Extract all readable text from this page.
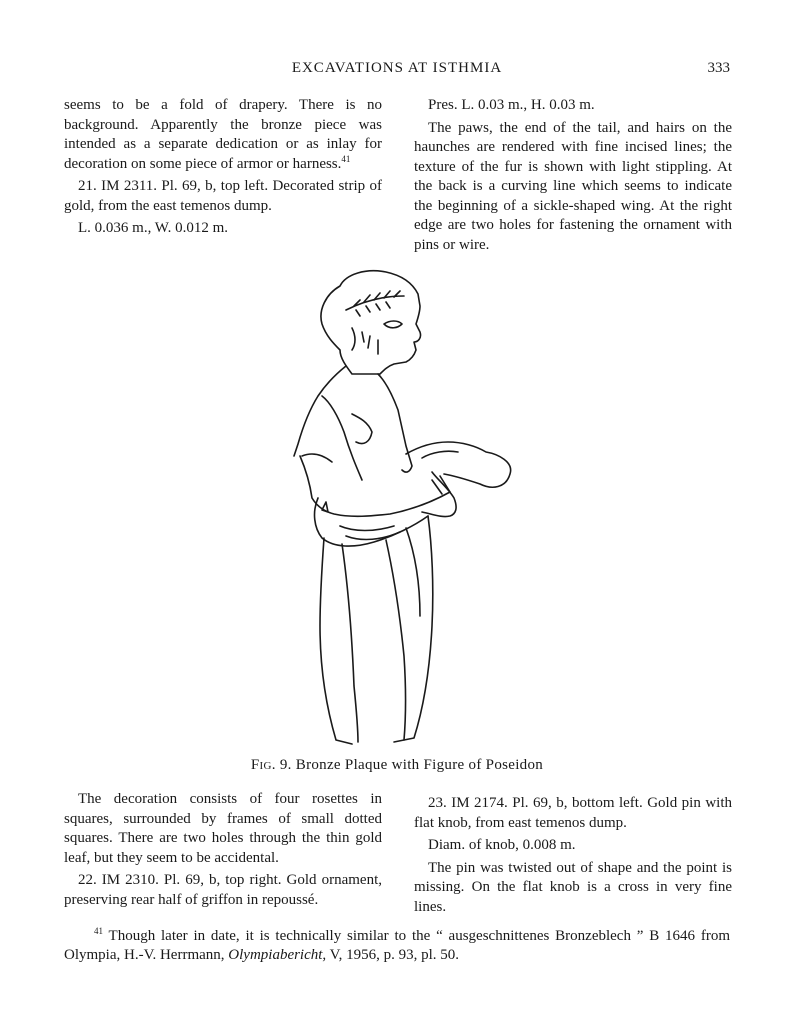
EXCAVATIONS AT ISTHMIA	333

seems to be a fold of drapery. There is no background. Apparently the bronze piece was intended as a separate dedication or as inlay for decoration on some piece of armor or harness.$^{41}$

21. IM 2311. Pl. 69, b, top left. Decorated strip of gold, from the east temenos dump.

L. 0.036 m., W. 0.012 m.

Pres. L. 0.03 m., H. 0.03 m.

The paws, the end of the tail, and hairs on the haunches are rendered with fine incised lines; the texture of the fur is shown with light stippling. At the back is a curving line which seems to indicate the beginning of a sickle-shaped wing. At the right edge are two holes for fastening the ornament with pins or wire.

Fig. 9. Bronze Plaque with Figure of Poseidon

The decoration consists of four rosettes in squares, surrounded by frames of small dotted squares. There are two holes through the thin gold leaf, but they seem to be accidental.

22. IM 2310. Pl. 69, b, top right. Gold ornament, preserving rear half of griffon in repoussé.

23. IM 2174. Pl. 69, b, bottom left. Gold pin with flat knob, from east temenos dump.

Diam. of knob, 0.008 m.

The pin was twisted out of shape and the point is missing. On the flat knob is a cross in very fine lines.

$^{41}$ Though later in date, it is technically similar to the “ ausgeschnittenes Bronzeblech ” B 1646 from Olympia, H.-V. Herrmann, Olympiabericht, V, 1956, p. 93, pl. 50.
